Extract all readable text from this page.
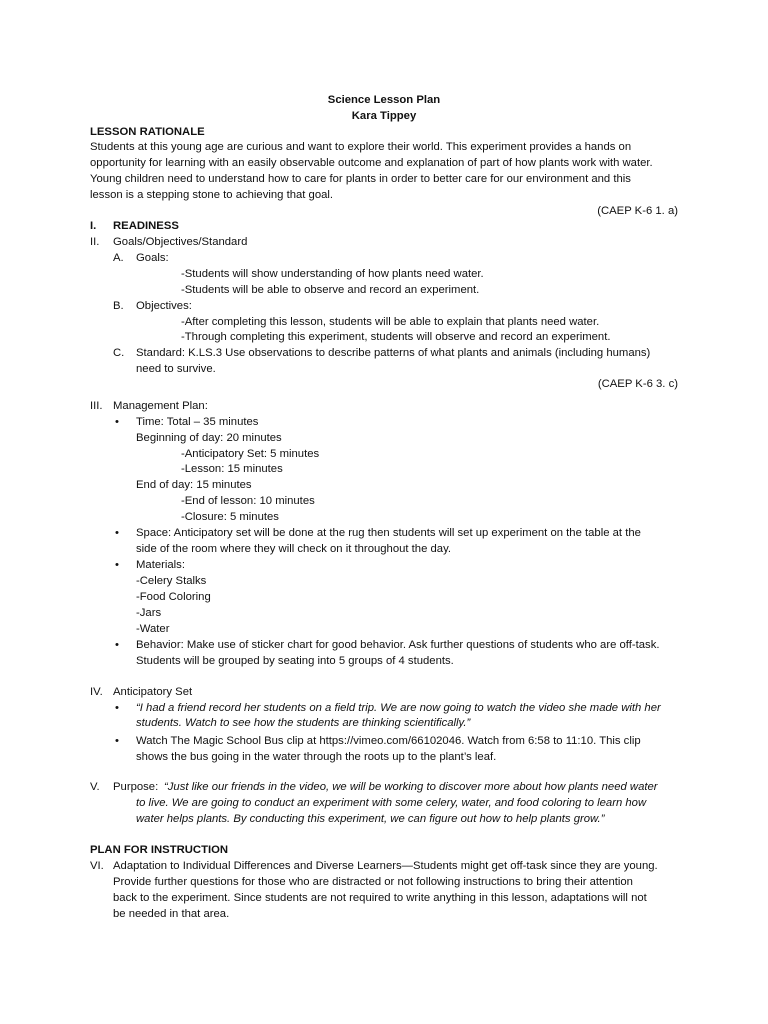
Science Lesson Plan
Kara Tippey
LESSON RATIONALE
Students at this young age are curious and want to explore their world. This experiment provides a hands on
opportunity for learning with an easily observable outcome and explanation of part of how plants work with water.
Young children need to understand how to care for plants in order to better care for our environment and this
lesson is a stepping stone to achieving that goal.
(CAEP K-6 1. a)
I. READINESS
II. Goals/Objectives/Standard
A. Goals:
-Students will show understanding of how plants need water.
-Students will be able to observe and record an experiment.
B. Objectives:
-After completing this lesson, students will be able to explain that plants need water.
-Through completing this experiment, students will observe and record an experiment.
C. Standard: K.LS.3 Use observations to describe patterns of what plants and animals (including humans)
need to survive.
(CAEP K-6 3. c)
III. Management Plan:
• Time: Total – 35 minutes
Beginning of day: 20 minutes
-Anticipatory Set: 5 minutes
-Lesson: 15 minutes
End of day: 15 minutes
-End of lesson: 10 minutes
-Closure: 5 minutes
• Space: Anticipatory set will be done at the rug then students will set up experiment on the table at the
side of the room where they will check on it throughout the day.
• Materials:
-Celery Stalks
-Food Coloring
-Jars
-Water
• Behavior: Make use of sticker chart for good behavior. Ask further questions of students who are off-task.
Students will be grouped by seating into 5 groups of 4 students.
IV. Anticipatory Set
• “I had a friend record her students on a field trip. We are now going to watch the video she made with her
students. Watch to see how the students are thinking scientifically.”
• Watch The Magic School Bus clip at https://vimeo.com/66102046. Watch from 6:58 to 11:10. This clip
shows the bus going in the water through the roots up to the plant’s leaf.
V. Purpose: “Just like our friends in the video, we will be working to discover more about how plants need water
to live. We are going to conduct an experiment with some celery, water, and food coloring to learn how
water helps plants. By conducting this experiment, we can figure out how to help plants grow.”
PLAN FOR INSTRUCTION
VI. Adaptation to Individual Differences and Diverse Learners—Students might get off-task since they are young.
Provide further questions for those who are distracted or not following instructions to bring their attention
back to the experiment. Since students are not required to write anything in this lesson, adaptations will not
be needed in that area.
